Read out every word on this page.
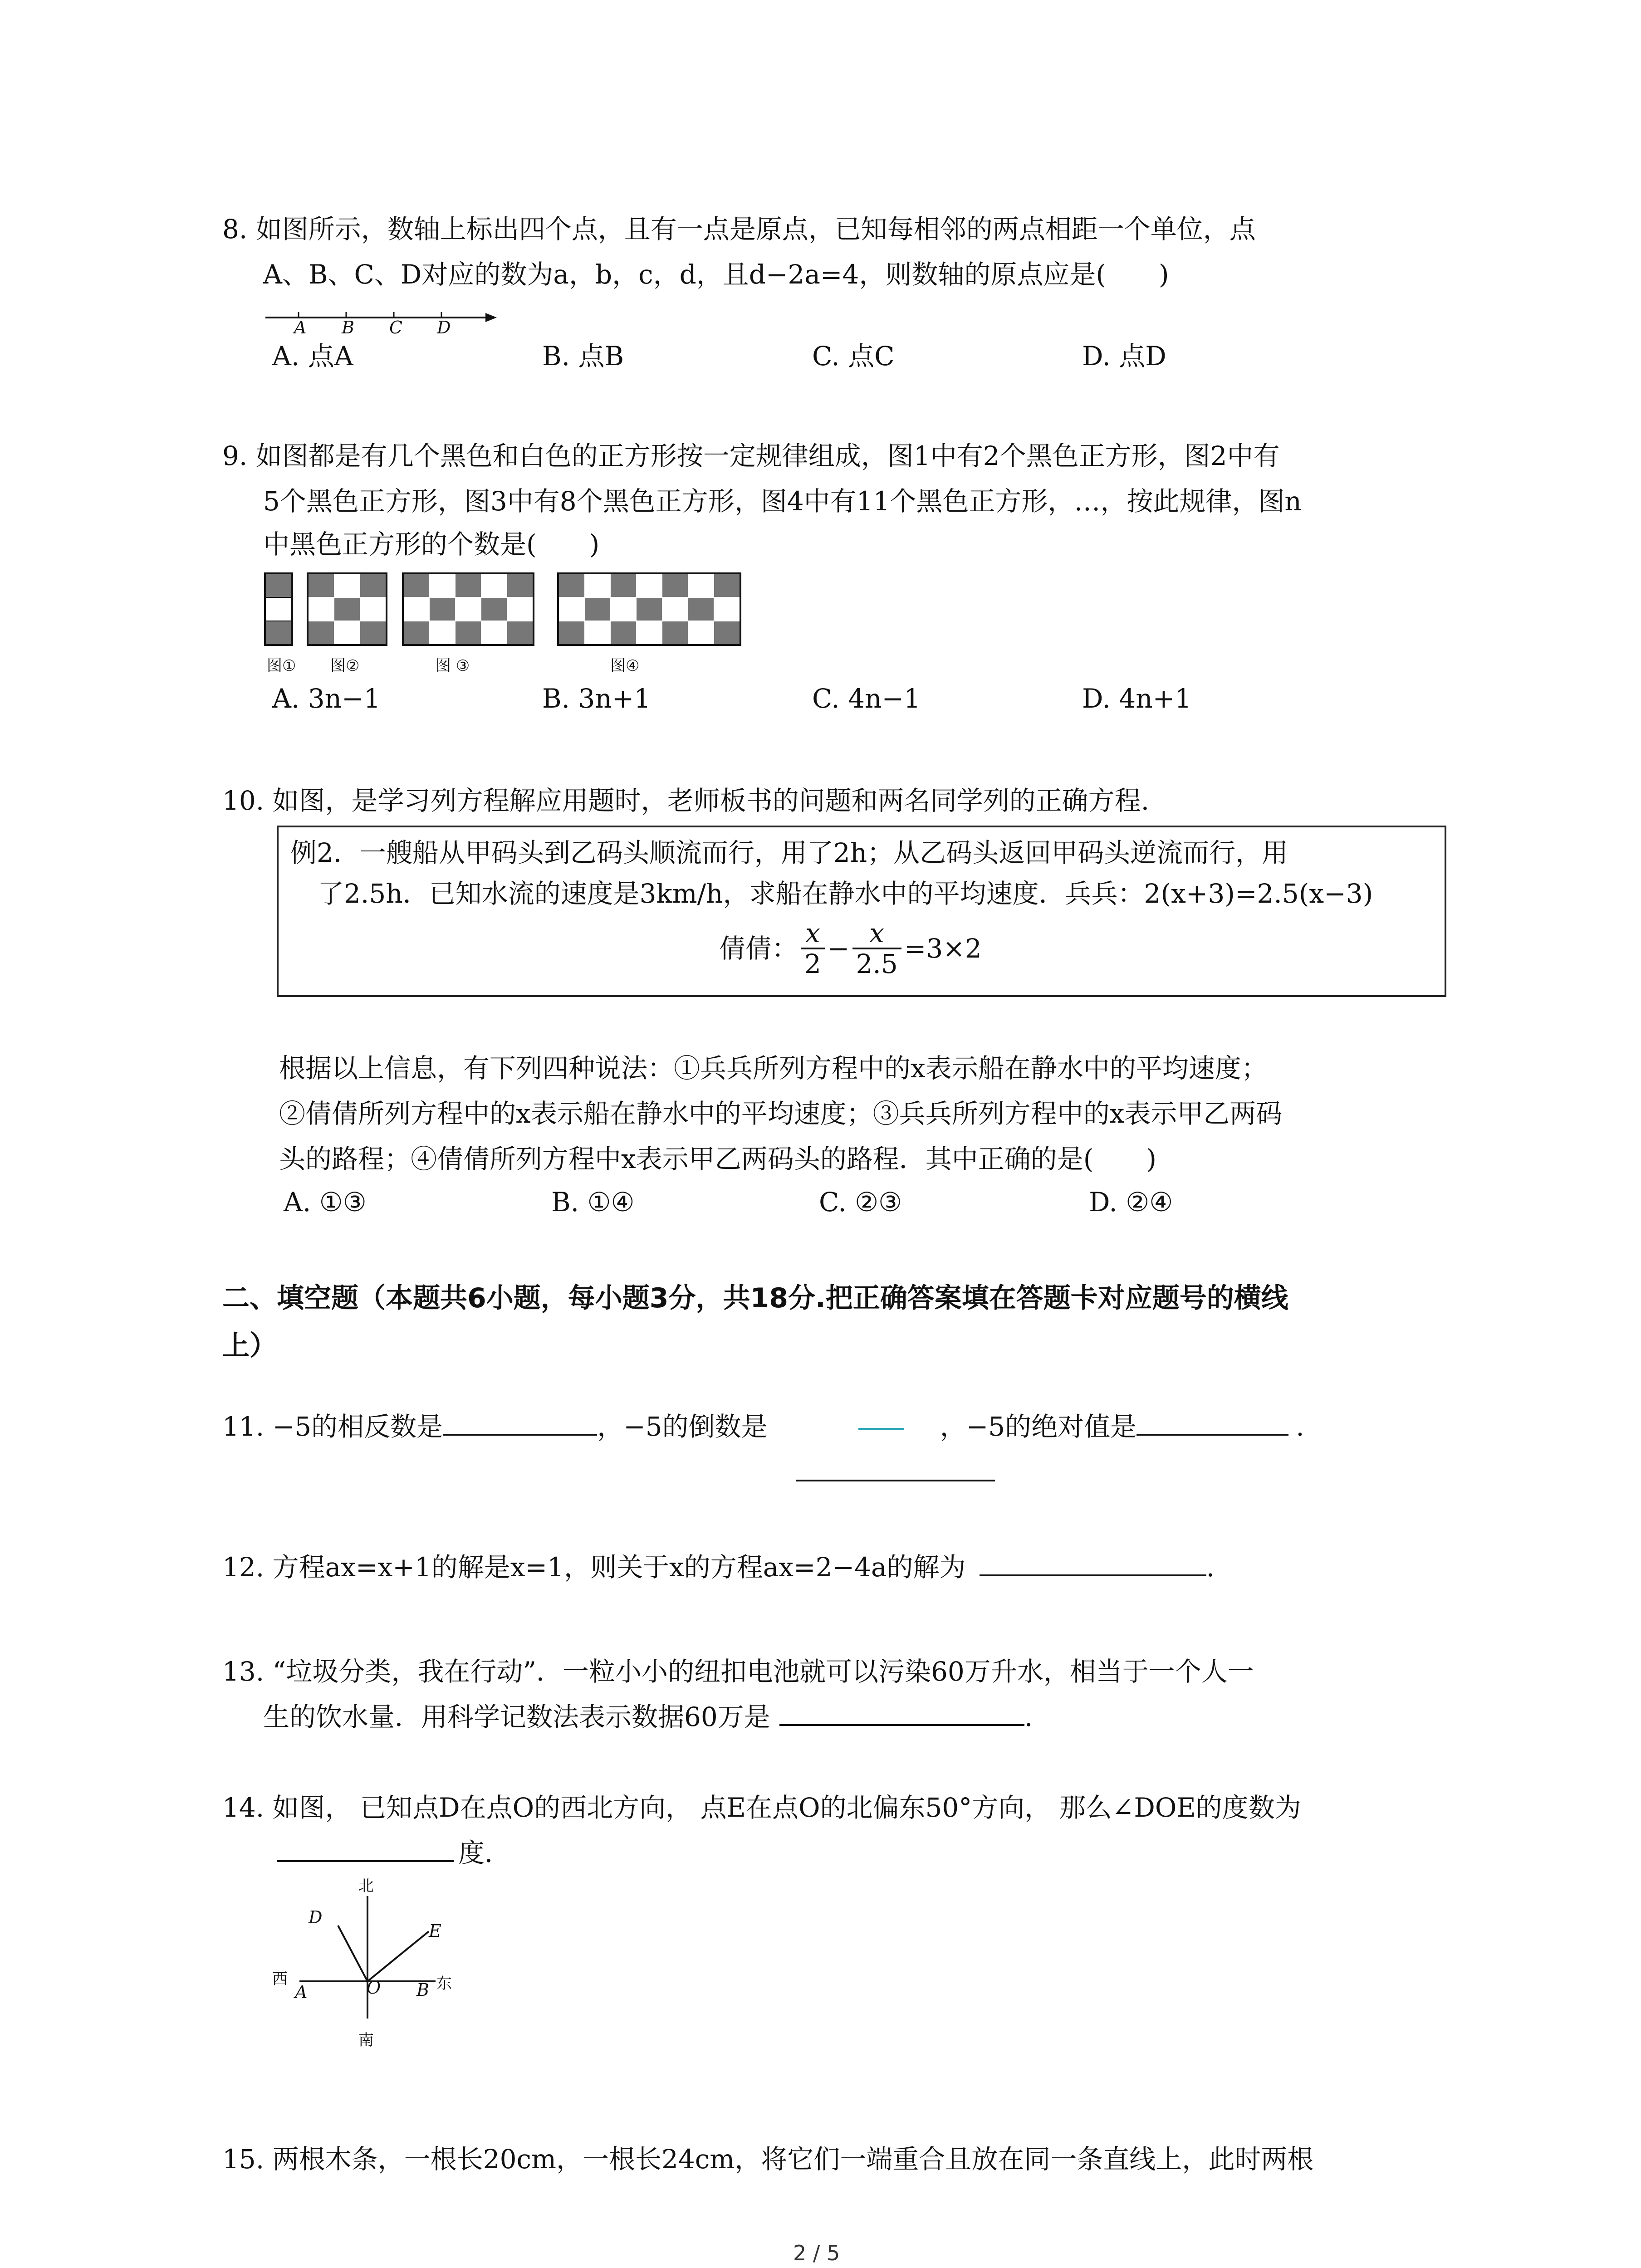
8. 如图所示，数轴上标出四个点，且有一点是原点，已知每相邻的两点相距一个单位，点
A、B、C、D对应的数为a，b，c，d，且d−2a=4，则数轴的原点应是(　　)
A B C D
A. 点A	B. 点B	C. 点C	D. 点D
9. 如图都是有几个黑色和白色的正方形按一定规律组成，图1中有2个黑色正方形，图2中有
5个黑色正方形，图3中有8个黑色正方形，图4中有11个黑色正方形，…，按此规律，图n
中黑色正方形的个数是(　　)
图① 图②	图 ③	图④
A. 3n−1	B. 3n+1	C. 4n−1	D. 4n+1
10. 如图，是学习列方程解应用题时，老师板书的问题和两名同学列的正确方程.
例2．一艘船从甲码头到乙码头顺流而行，用了2h；从乙码头返回甲码头逆流而行，用
了2.5h．已知水流的速度是3km/h，求船在静水中的平均速度．兵兵：2(x+3)=2.5(x−3)
倩倩： $\frac{x}{2} - \frac{x}{2.5} =3\times 2$
根据以上信息，有下列四种说法：①兵兵所列方程中的x表示船在静水中的平均速度；
②倩倩所列方程中的x表示船在静水中的平均速度；③兵兵所列方程中的x表示甲乙两码
头的路程；④倩倩所列方程中x表示甲乙两码头的路程．其中正确的是(　　)
A. ①③	B. ①④	C. ②③	D. ②④
二、填空题（本题共6小题，每小题3分，共18分.把正确答案填在答题卡对应题号的横线
上）
11. −5的相反数是	，−5的倒数是	，−5的绝对值是	.
12. 方程ax=x+1的解是x=1，则关于x的方程ax=2−4a的解为	.
13. “垃圾分类，我在行动”．一粒小小的纽扣电池就可以污染60万升水，相当于一个人一
生的饮水量．用科学记数法表示数据60万是	.
14. 如图， 已知点D在点O的西北方向， 点E在点O的北偏东50°方向， 那么∠DOE的度数为
度．
北
南
西	东
D
E
A	O B
15. 两根木条，一根长20cm，一根长24cm，将它们一端重合且放在同一条直线上，此时两根
2 / 5
